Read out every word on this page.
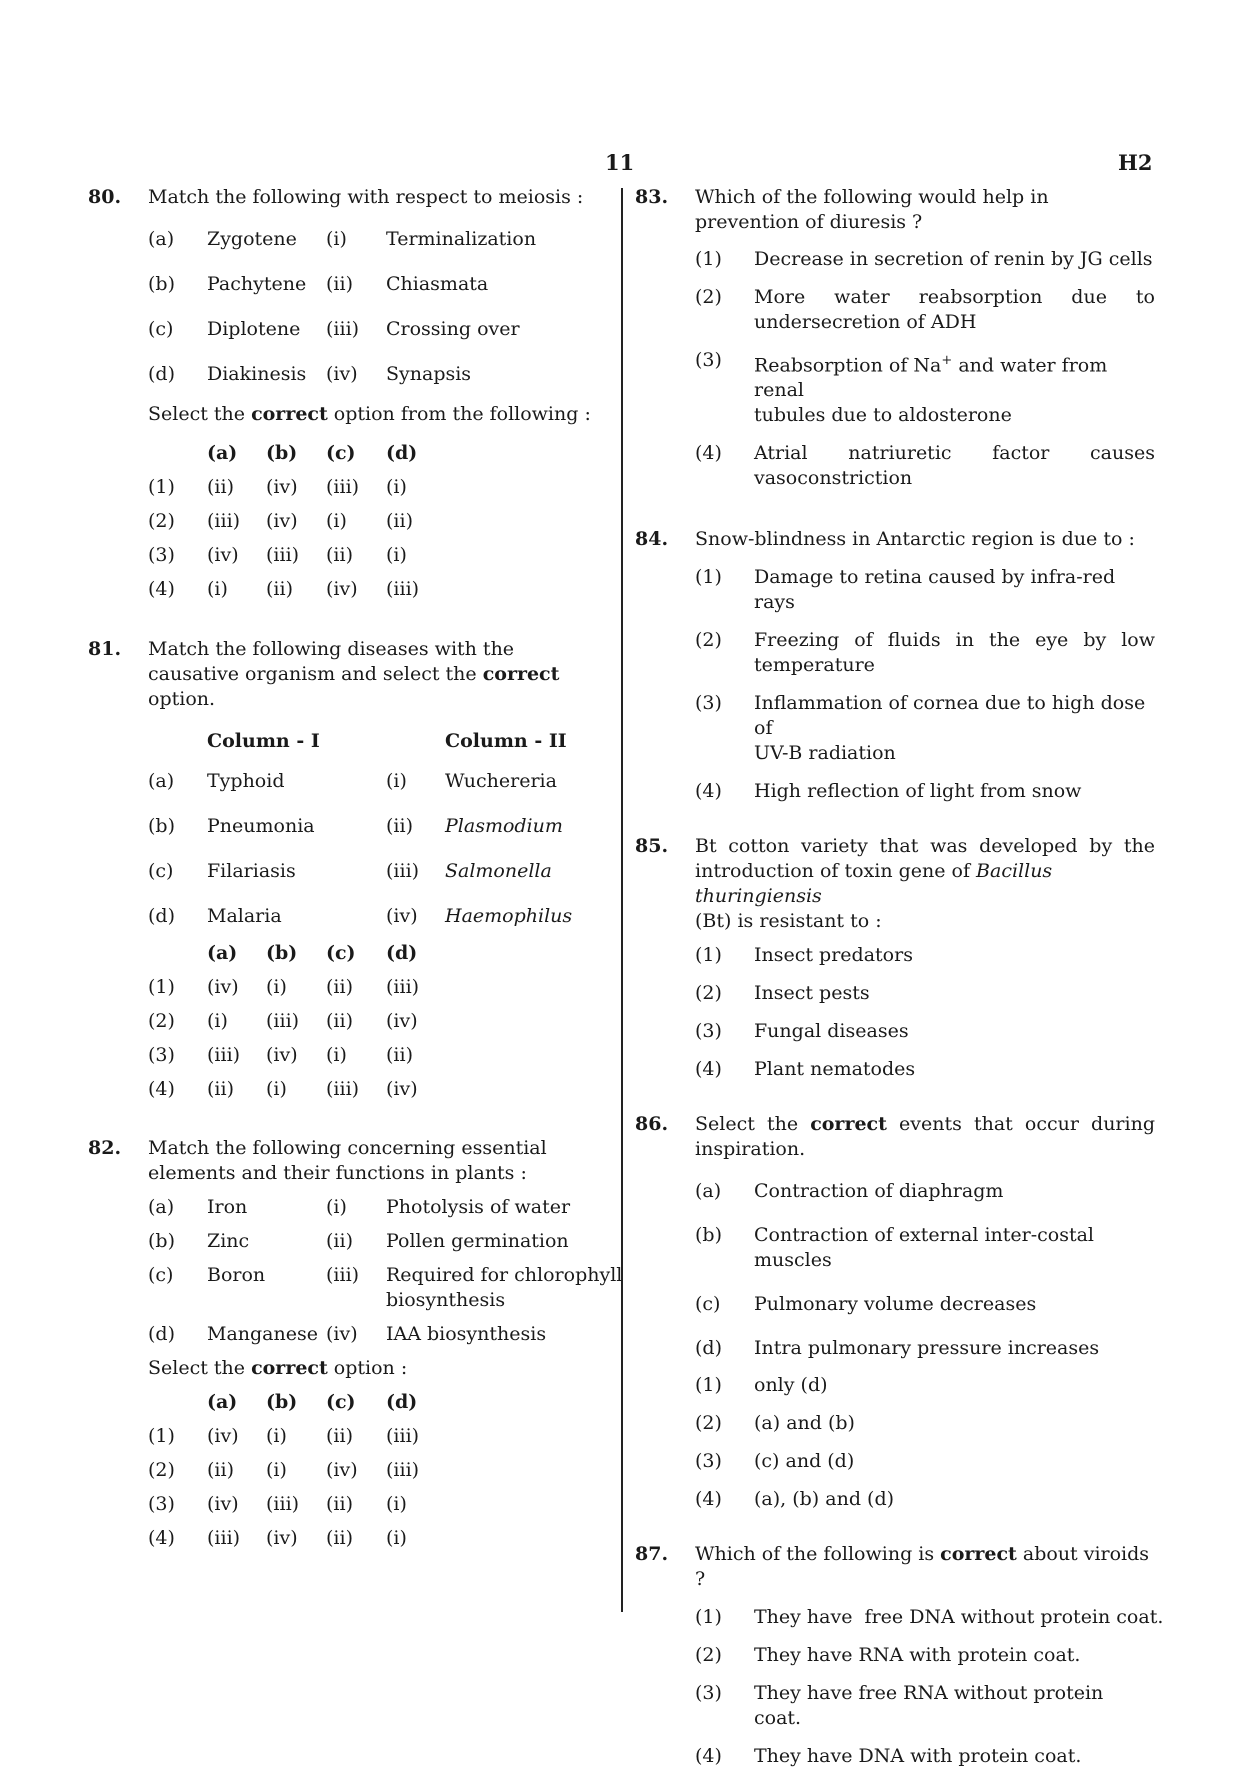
11	H2
80.	Match the following with respect to meiosis :
(a) Zygotene (i) Terminalization
(b) Pachytene (ii) Chiasmata
(c) Diplotene (iii) Crossing over
(d) Diakinesis (iv) Synapsis
Select the correct option from the following :
(a) (b) (c) (d)
(1) (ii) (iv) (iii) (i)
(2) (iii) (iv) (i) (ii)
(3) (iv) (iii) (ii) (i)
(4) (i) (ii) (iv) (iii)
81.	Match the following diseases with the causative organism and select the correct option.
Column - I	Column - II
(a) Typhoid	(i) Wuchereria
(b) Pneumonia	(ii) Plasmodium
(c) Filariasis	(iii) Salmonella
(d) Malaria	(iv) Haemophilus
(a) (b) (c) (d)
(1) (iv) (i) (ii) (iii)
(2) (i) (iii) (ii) (iv)
(3) (iii) (iv) (i) (ii)
(4) (ii) (i) (iii) (iv)
82.	Match the following concerning essential elements and their functions in plants :
(a) Iron	(i) Photolysis of water
(b) Zinc	(ii) Pollen germination
(c) Boron	(iii) Required for chlorophyll
biosynthesis
(d) Manganese (iv) IAA biosynthesis
Select the correct option :
(a) (b) (c) (d)
(1) (iv) (i) (ii) (iii)
(2) (ii) (i) (iv) (iii)
(3) (iv) (iii) (ii) (i)
(4) (iii) (iv) (ii) (i)
83.	Which of the following would help in prevention of diuresis ?
(1)	Decrease in secretion of renin by JG cells
(2)	More water reabsorption due to
undersecretion of ADH
(3)	Reabsorption of Na+ and water from renal
tubules due to aldosterone
(4)	Atrial natriuretic factor causes
vasoconstriction
84.	Snow-blindness in Antarctic region is due to :
(1)	Damage to retina caused by infra-red rays
(2)	Freezing of fluids in the eye by low
temperature
(3)	Inflammation of cornea due to high dose of
UV-B radiation
(4)	High reflection of light from snow
85.	Bt cotton variety that was developed by the
introduction of toxin gene of Bacillus thuringiensis
(Bt) is resistant to :
(1)	Insect predators
(2)	Insect pests
(3)	Fungal diseases
(4)	Plant nematodes
86.	Select the correct events that occur during
inspiration.
(a)	Contraction of diaphragm
(b)	Contraction of external inter-costal muscles
(c)	Pulmonary volume decreases
(d)	Intra pulmonary pressure increases
(1)	only (d)
(2)	(a) and (b)
(3)	(c) and (d)
(4)	(a), (b) and (d)
87.	Which of the following is correct about viroids ?
(1)	They have  free DNA without protein coat.
(2)	They have RNA with protein coat.
(3)	They have free RNA without protein coat.
(4)	They have DNA with protein coat.
